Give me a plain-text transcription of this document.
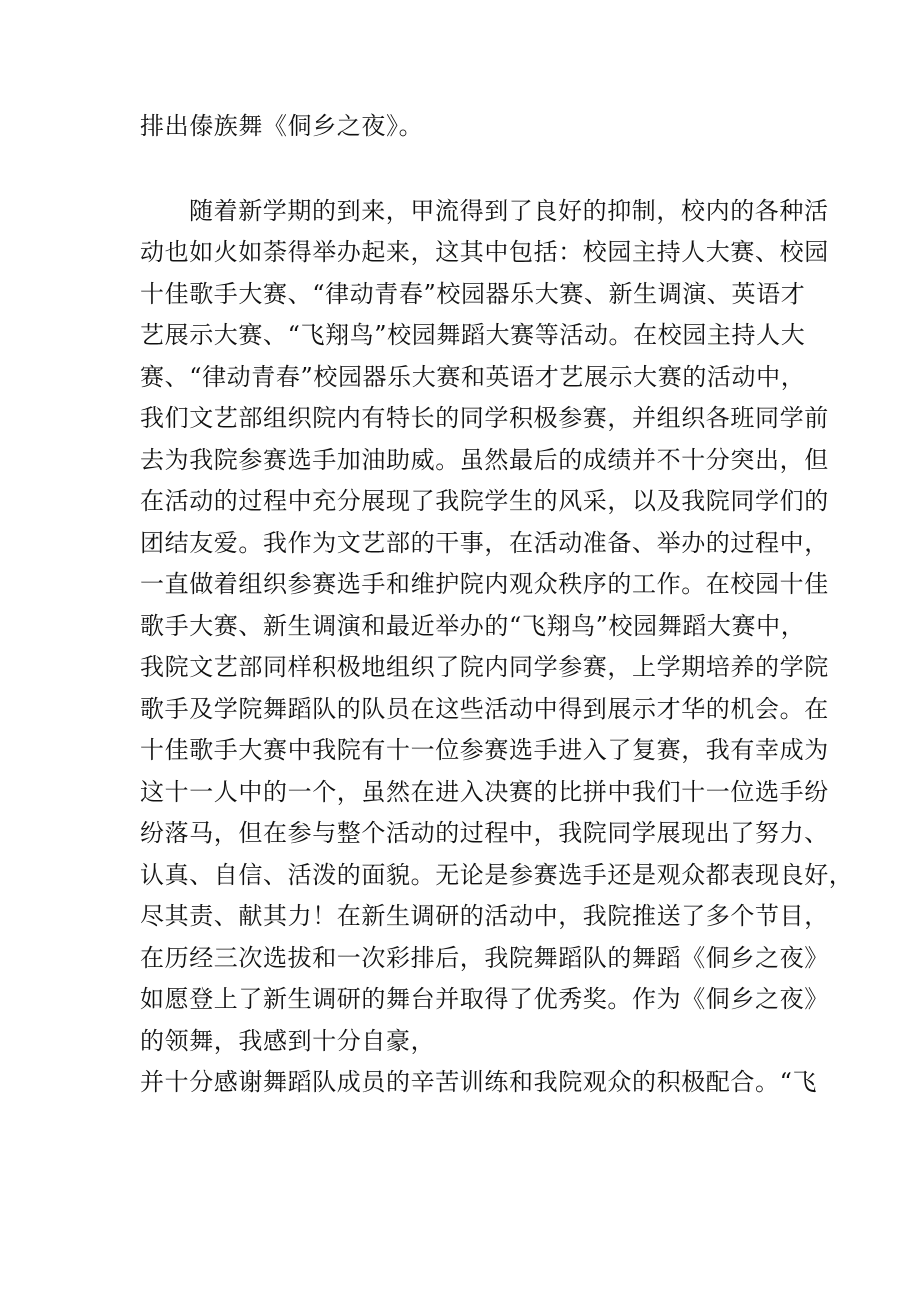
排出傣族舞《侗乡之夜》。
随着新学期的到来，甲流得到了良好的抑制，校内的各种活
动也如火如荼得举办起来，这其中包括：校园主持人大赛、校园
十佳歌手大赛、“律动青春”校园器乐大赛、新生调演、英语才
艺展示大赛、“飞翔鸟”校园舞蹈大赛等活动。在校园主持人大
赛、“律动青春”校园器乐大赛和英语才艺展示大赛的活动中，
我们文艺部组织院内有特长的同学积极参赛，并组织各班同学前
去为我院参赛选手加油助威。虽然最后的成绩并不十分突出，但
在活动的过程中充分展现了我院学生的风采，以及我院同学们的
团结友爱。我作为文艺部的干事，在活动准备、举办的过程中，
一直做着组织参赛选手和维护院内观众秩序的工作。在校园十佳
歌手大赛、新生调演和最近举办的“飞翔鸟”校园舞蹈大赛中，
我院文艺部同样积极地组织了院内同学参赛，上学期培养的学院
歌手及学院舞蹈队的队员在这些活动中得到展示才华的机会。在
十佳歌手大赛中我院有十一位参赛选手进入了复赛，我有幸成为
这十一人中的一个，虽然在进入决赛的比拼中我们十一位选手纷
纷落马，但在参与整个活动的过程中，我院同学展现出了努力、
认真、自信、活泼的面貌。无论是参赛选手还是观众都表现良好，
尽其责、献其力！在新生调研的活动中，我院推送了多个节目，
在历经三次选拔和一次彩排后，我院舞蹈队的舞蹈《侗乡之夜》
如愿登上了新生调研的舞台并取得了优秀奖。作为《侗乡之夜》
的领舞，我感到十分自豪，
并十分感谢舞蹈队成员的辛苦训练和我院观众的积极配合。“飞
